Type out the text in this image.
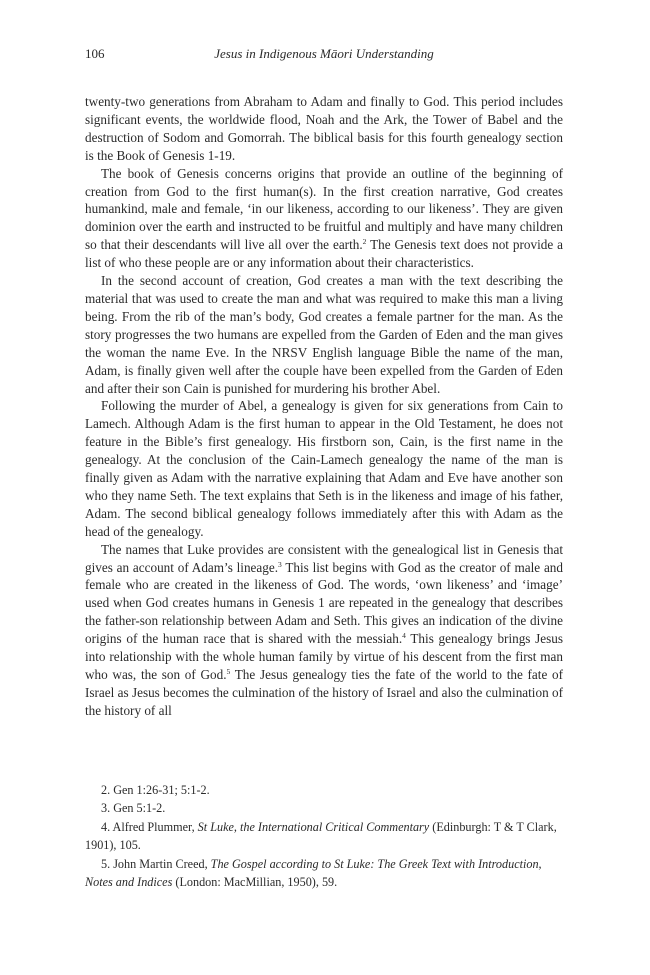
106	Jesus in Indigenous Māori Understanding

twenty-two generations from Abraham to Adam and finally to God. This period includes significant events, the worldwide flood, Noah and the Ark, the Tower of Babel and the destruction of Sodom and Gomorrah. The biblical basis for this fourth genealogy section is the Book of Genesis 1-19.

The book of Genesis concerns origins that provide an outline of the beginning of creation from God to the first human(s). In the first creation narrative, God creates humankind, male and female, ‘in our likeness, according to our likeness’. They are given dominion over the earth and instructed to be fruitful and multiply and have many children so that their descendants will live all over the earth.$^2$ The Genesis text does not provide a list of who these people are or any information about their characteristics.

In the second account of creation, God creates a man with the text describing the material that was used to create the man and what was required to make this man a living being. From the rib of the man’s body, God creates a female partner for the man. As the story progresses the two humans are expelled from the Garden of Eden and the man gives the woman the name Eve. In the NRSV English language Bible the name of the man, Adam, is finally given well after the couple have been expelled from the Garden of Eden and after their son Cain is punished for murdering his brother Abel.

Following the murder of Abel, a genealogy is given for six generations from Cain to Lamech. Although Adam is the first human to appear in the Old Testament, he does not feature in the Bible’s first genealogy. His firstborn son, Cain, is the first name in the genealogy. At the conclusion of the Cain-Lamech genealogy the name of the man is finally given as Adam with the narrative explaining that Adam and Eve have another son who they name Seth. The text explains that Seth is in the likeness and image of his father, Adam. The second biblical genealogy follows immediately after this with Adam as the head of the genealogy.

The names that Luke provides are consistent with the genealogical list in Genesis that gives an account of Adam’s lineage.$^3$ This list begins with God as the creator of male and female who are created in the likeness of God. The words, ‘own likeness’ and ‘image’ used when God creates humans in Genesis 1 are repeated in the genealogy that describes the father-son relationship between Adam and Seth. This gives an indication of the divine origins of the human race that is shared with the messiah.$^4$ This genealogy brings Jesus into relationship with the whole human family by virtue of his descent from the first man who was, the son of God.$^5$ The Jesus genealogy ties the fate of the world to the fate of Israel as Jesus becomes the culmination of the history of Israel and also the culmination of the history of all

2. Gen 1:26-31; 5:1-2.

3. Gen 5:1-2.

4. Alfred Plummer, St Luke, the International Critical Commentary (Edinburgh: T & T Clark, 1901), 105.

5. John Martin Creed, The Gospel according to St Luke: The Greek Text with Introduction, Notes and Indices (London: MacMillian, 1950), 59.
